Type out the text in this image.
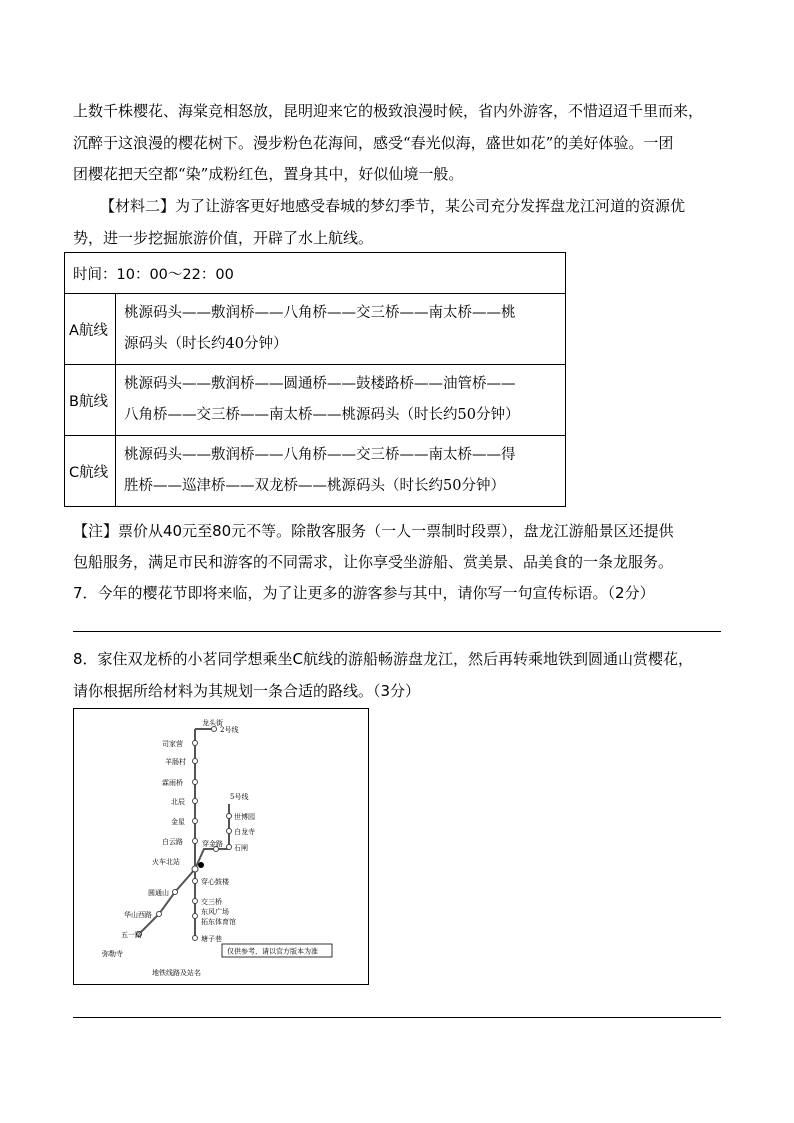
上数千株樱花、海棠竞相怒放，昆明迎来它的极致浪漫时候，省内外游客，不惜迢迢千里而来，
沉醉于这浪漫的樱花树下。漫步粉色花海间，感受“春光似海，盛世如花”的美好体验。一团
团樱花把天空都“染”成粉红色，置身其中，好似仙境一般。
【材料二】为了让游客更好地感受春城的梦幻季节，某公司充分发挥盘龙江河道的资源优
势，进一步挖掘旅游价值，开辟了水上航线。
时间：10：00～22：00	
A航线	桃源码头——敷润桥——八角桥——交三桥——南太桥——桃
源码头（时长约40分钟）

B航线	桃源码头——敷润桥——圆通桥——鼓楼路桥——油管桥——
八角桥——交三桥——南太桥——桃源码头（时长约50分钟）

C航线	桃源码头——敷润桥——八角桥——交三桥——南太桥——得
胜桥——巡津桥——双龙桥——桃源码头（时长约50分钟）
【注】票价从40元至80元不等。除散客服务（一人一票制时段票），盘龙江游船景区还提供
包船服务，满足市民和游客的不同需求，让你享受坐游船、赏美景、品美食的一条龙服务。
7．今年的樱花节即将来临，为了让更多的游客参与其中，请你写一句宣传标语。（2分）
8．家住双龙桥的小茗同学想乘坐C航线的游船畅游盘龙江，然后再转乘地铁到圆通山赏樱花，
请你根据所给材料为其规划一条合适的路线。（3分）
龙头街
2号线
司家营
羊肠村
霖雨桥
北辰
金星
白云路
火车北站
圆通山
华山西路
五一路
弥勒寺
穿金路
5号线
世博园
白龙寺
石闸
穿心鼓楼
交三桥
东风广场
拓东体育馆
塘子巷
仅供参考，请以官方版本为准
地铁线路及站名
